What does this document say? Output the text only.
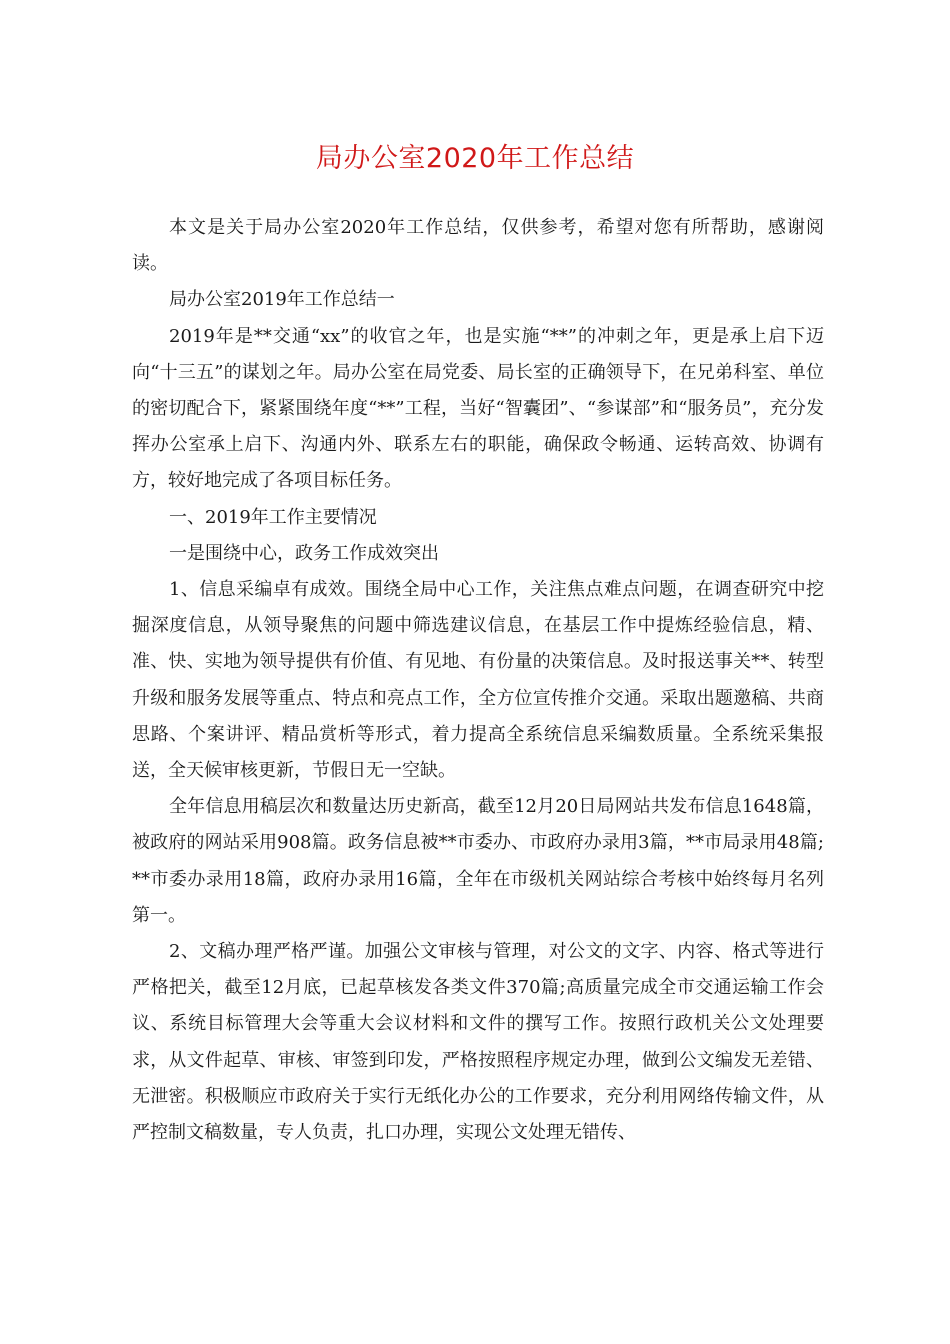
局办公室2020年工作总结

本文是关于局办公室2020年工作总结，仅供参考，希望对您有所帮助，感谢阅读。

局办公室2019年工作总结一

2019年是**交通“xx”的收官之年，也是实施“**”的冲刺之年，更是承上启下迈向“十三五”的谋划之年。局办公室在局党委、局长室的正确领导下，在兄弟科室、单位的密切配合下，紧紧围绕年度“**”工程，当好“智囊团”、“参谋部”和“服务员”，充分发挥办公室承上启下、沟通内外、联系左右的职能，确保政令畅通、运转高效、协调有方，较好地完成了各项目标任务。

一、2019年工作主要情况

一是围绕中心，政务工作成效突出

1、信息采编卓有成效。围绕全局中心工作，关注焦点难点问题，在调查研究中挖掘深度信息，从领导聚焦的问题中筛选建议信息，在基层工作中提炼经验信息，精、准、快、实地为领导提供有价值、有见地、有份量的决策信息。及时报送事关**、转型升级和服务发展等重点、特点和亮点工作，全方位宣传推介交通。采取出题邀稿、共商思路、个案讲评、精品赏析等形式，着力提高全系统信息采编数质量。全系统采集报送，全天候审核更新，节假日无一空缺。

全年信息用稿层次和数量达历史新高，截至12月20日局网站共发布信息1648篇，被政府的网站采用908篇。政务信息被**市委办、市政府办录用3篇，**市局录用48篇;**市委办录用18篇，政府办录用16篇，全年在市级机关网站综合考核中始终每月名列第一。

2、文稿办理严格严谨。加强公文审核与管理，对公文的文字、内容、格式等进行严格把关，截至12月底，已起草核发各类文件370篇;高质量完成全市交通运输工作会议、系统目标管理大会等重大会议材料和文件的撰写工作。按照行政机关公文处理要求，从文件起草、审核、审签到印发，严格按照程序规定办理，做到公文编发无差错、无泄密。积极顺应市政府关于实行无纸化办公的工作要求，充分利用网络传输文件，从严控制文稿数量，专人负责，扎口办理，实现公文处理无错传、
